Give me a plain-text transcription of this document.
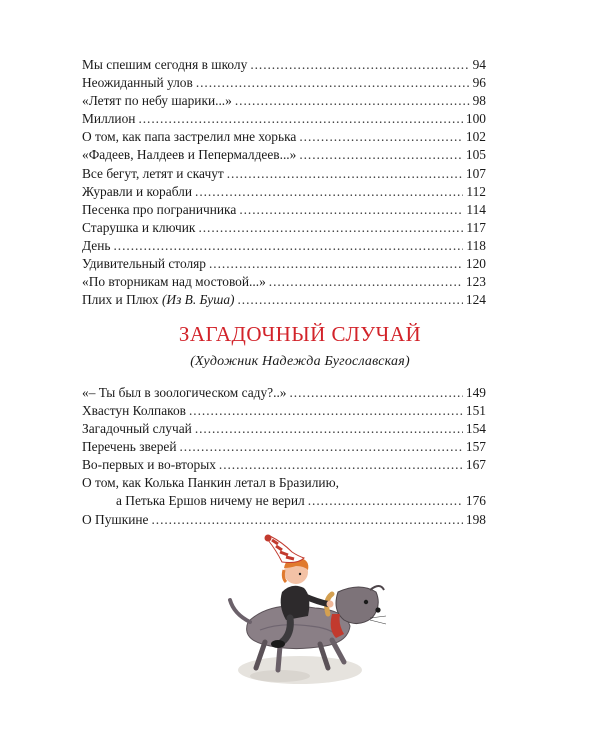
Мы спешим сегодня в школу . . .	94
Неожиданный улов . . .	96
«Летят по небу шарики...» . . .	98
Миллион . . .	100
О том, как папа застрелил мне хорька . . .	102
«Фадеев, Налдеев и Пепермалдеев...» . . .	105
Все бегут, летят и скачут . . .	107
Журавли и корабли . . .	112
Песенка про пограничника . . .	114
Старушка и ключик . . .	117
День . . .	118
Удивительный столяр . . .	120
«По вторникам над мостовой...» . . .	123
Плих и Плюх (Из В. Буша) . . .	124
ЗАГАДОЧНЫЙ СЛУЧАЙ
(Художник Надежда Бугославская)
«– Ты был в зоологическом саду?..» . . .	149
Хвастун Колпаков . . .	151
Загадочный случай . . .	154
Перечень зверей . . .	157
Во-первых и во-вторых . . .	167
О том, как Колька Панкин летал в Бразилию,
а Петька Ершов ничему не верил . . .	176
О Пушкине . . .	198
